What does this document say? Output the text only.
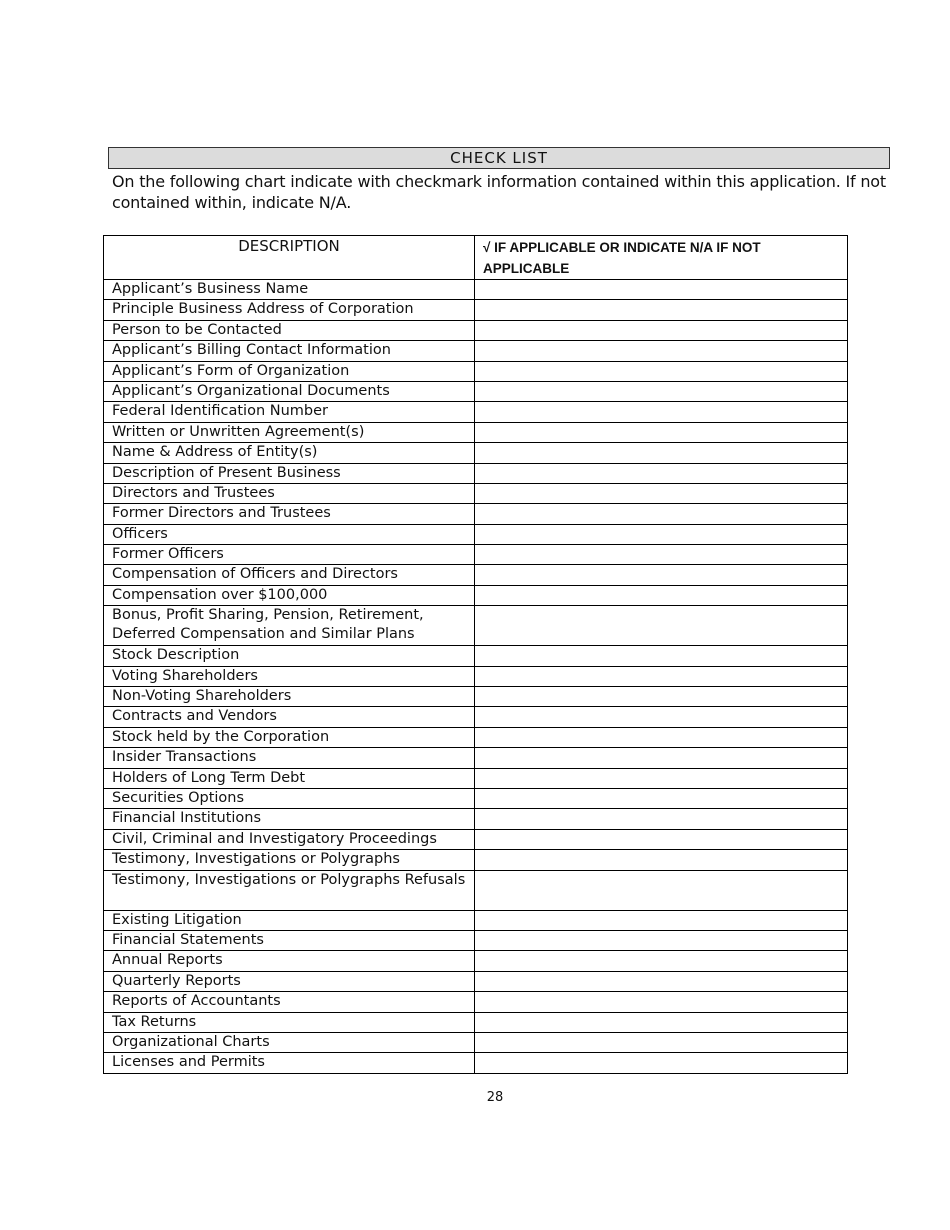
CHECK LIST
On the following chart indicate with checkmark information contained within this application. If not contained within, indicate N/A.
DESCRIPTION	√ IF APPLICABLE OR INDICATE N/A IF NOT APPLICABLE
Applicant’s Business Name	
Principle Business Address of Corporation	
Person to be Contacted	
Applicant’s Billing Contact Information	
Applicant’s Form of Organization	
Applicant’s Organizational Documents	
Federal Identification Number	
Written or Unwritten Agreement(s)	
Name & Address of Entity(s)	
Description of Present Business	
Directors and Trustees	
Former Directors and Trustees	
Officers	
Former Officers	
Compensation of Officers and Directors	
Compensation over $100,000	
Bonus, Profit Sharing, Pension, Retirement, Deferred Compensation and Similar Plans	
Stock Description	
Voting Shareholders	
Non-Voting Shareholders	
Contracts and Vendors	
Stock held by the Corporation	
Insider Transactions	
Holders of Long Term Debt	
Securities Options	
Financial Institutions	
Civil, Criminal and Investigatory Proceedings	
Testimony, Investigations or Polygraphs	
Testimony, Investigations or Polygraphs Refusals	
Existing Litigation	
Financial Statements	
Annual Reports	
Quarterly Reports	
Reports of Accountants	
Tax Returns	
Organizational Charts	
Licenses and Permits	
28
